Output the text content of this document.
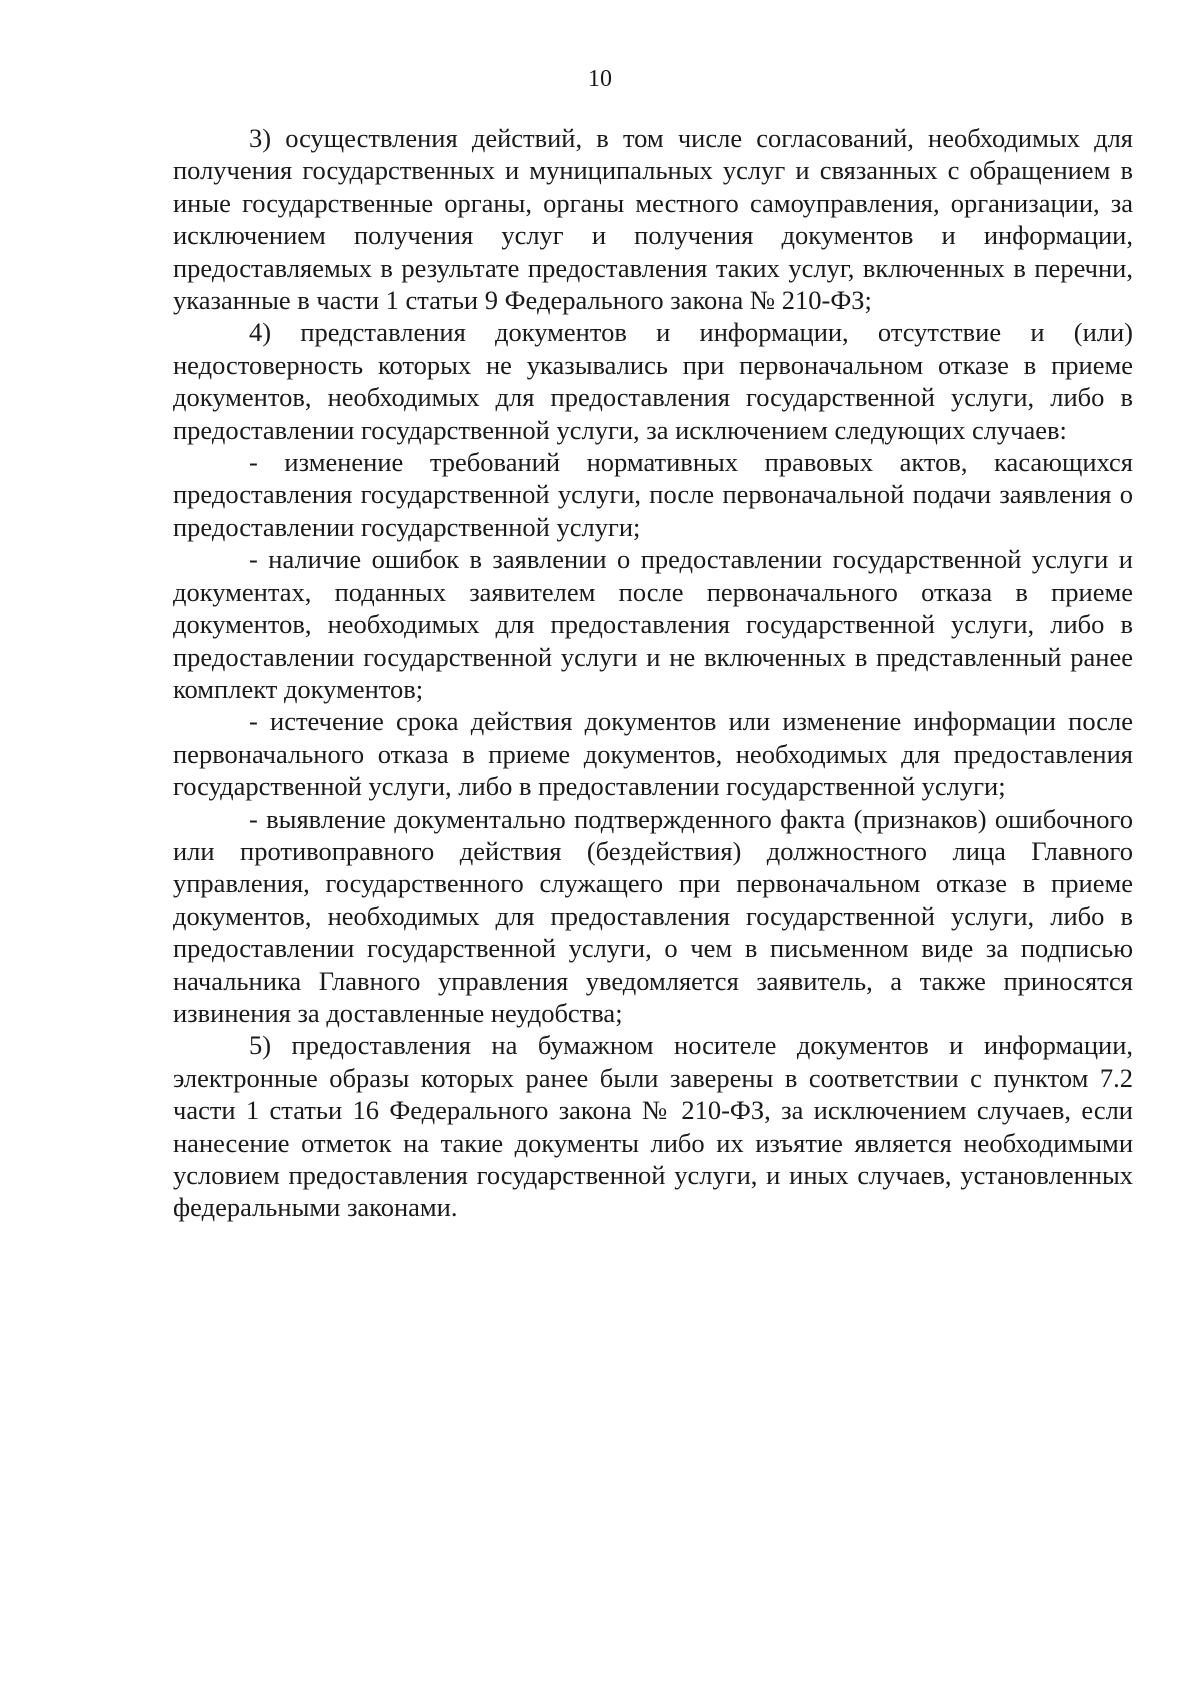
10

3) осуществления действий, в том числе согласований, необходимых для получения государственных и муниципальных услуг и связанных с обращением в иные государственные органы, органы местного самоуправления, организации, за исключением получения услуг и получения документов и информации, предоставляемых в результате предоставления таких услуг, включенных в перечни, указанные в части 1 статьи 9 Федерального закона № 210-ФЗ;

4) представления документов и информации, отсутствие и (или) недостоверность которых не указывались при первоначальном отказе в приеме документов, необходимых для предоставления государственной услуги, либо в предоставлении государственной услуги, за исключением следующих случаев:

- изменение требований нормативных правовых актов, касающихся предоставления государственной услуги, после первоначальной подачи заявления о предоставлении государственной услуги;

- наличие ошибок в заявлении о предоставлении государственной услуги и документах, поданных заявителем после первоначального отказа в приеме документов, необходимых для предоставления государственной услуги, либо в предоставлении государственной услуги и не включенных в представленный ранее комплект документов;

- истечение срока действия документов или изменение информации после первоначального отказа в приеме документов, необходимых для предоставления государственной услуги, либо в предоставлении государственной услуги;

- выявление документально подтвержденного факта (признаков) ошибочного или противоправного действия (бездействия) должностного лица Главного управления, государственного служащего при первоначальном отказе в приеме документов, необходимых для предоставления государственной услуги, либо в предоставлении государственной услуги, о чем в письменном виде за подписью начальника Главного управления уведомляется заявитель, а также приносятся извинения за доставленные неудобства;

5) предоставления на бумажном носителе документов и информации, электронные образы которых ранее были заверены в соответствии с пунктом 7.2 части 1 статьи 16 Федерального закона № 210-ФЗ, за исключением случаев, если нанесение отметок на такие документы либо их изъятие является необходимыми условием предоставления государственной услуги, и иных случаев, установленных федеральными законами.
